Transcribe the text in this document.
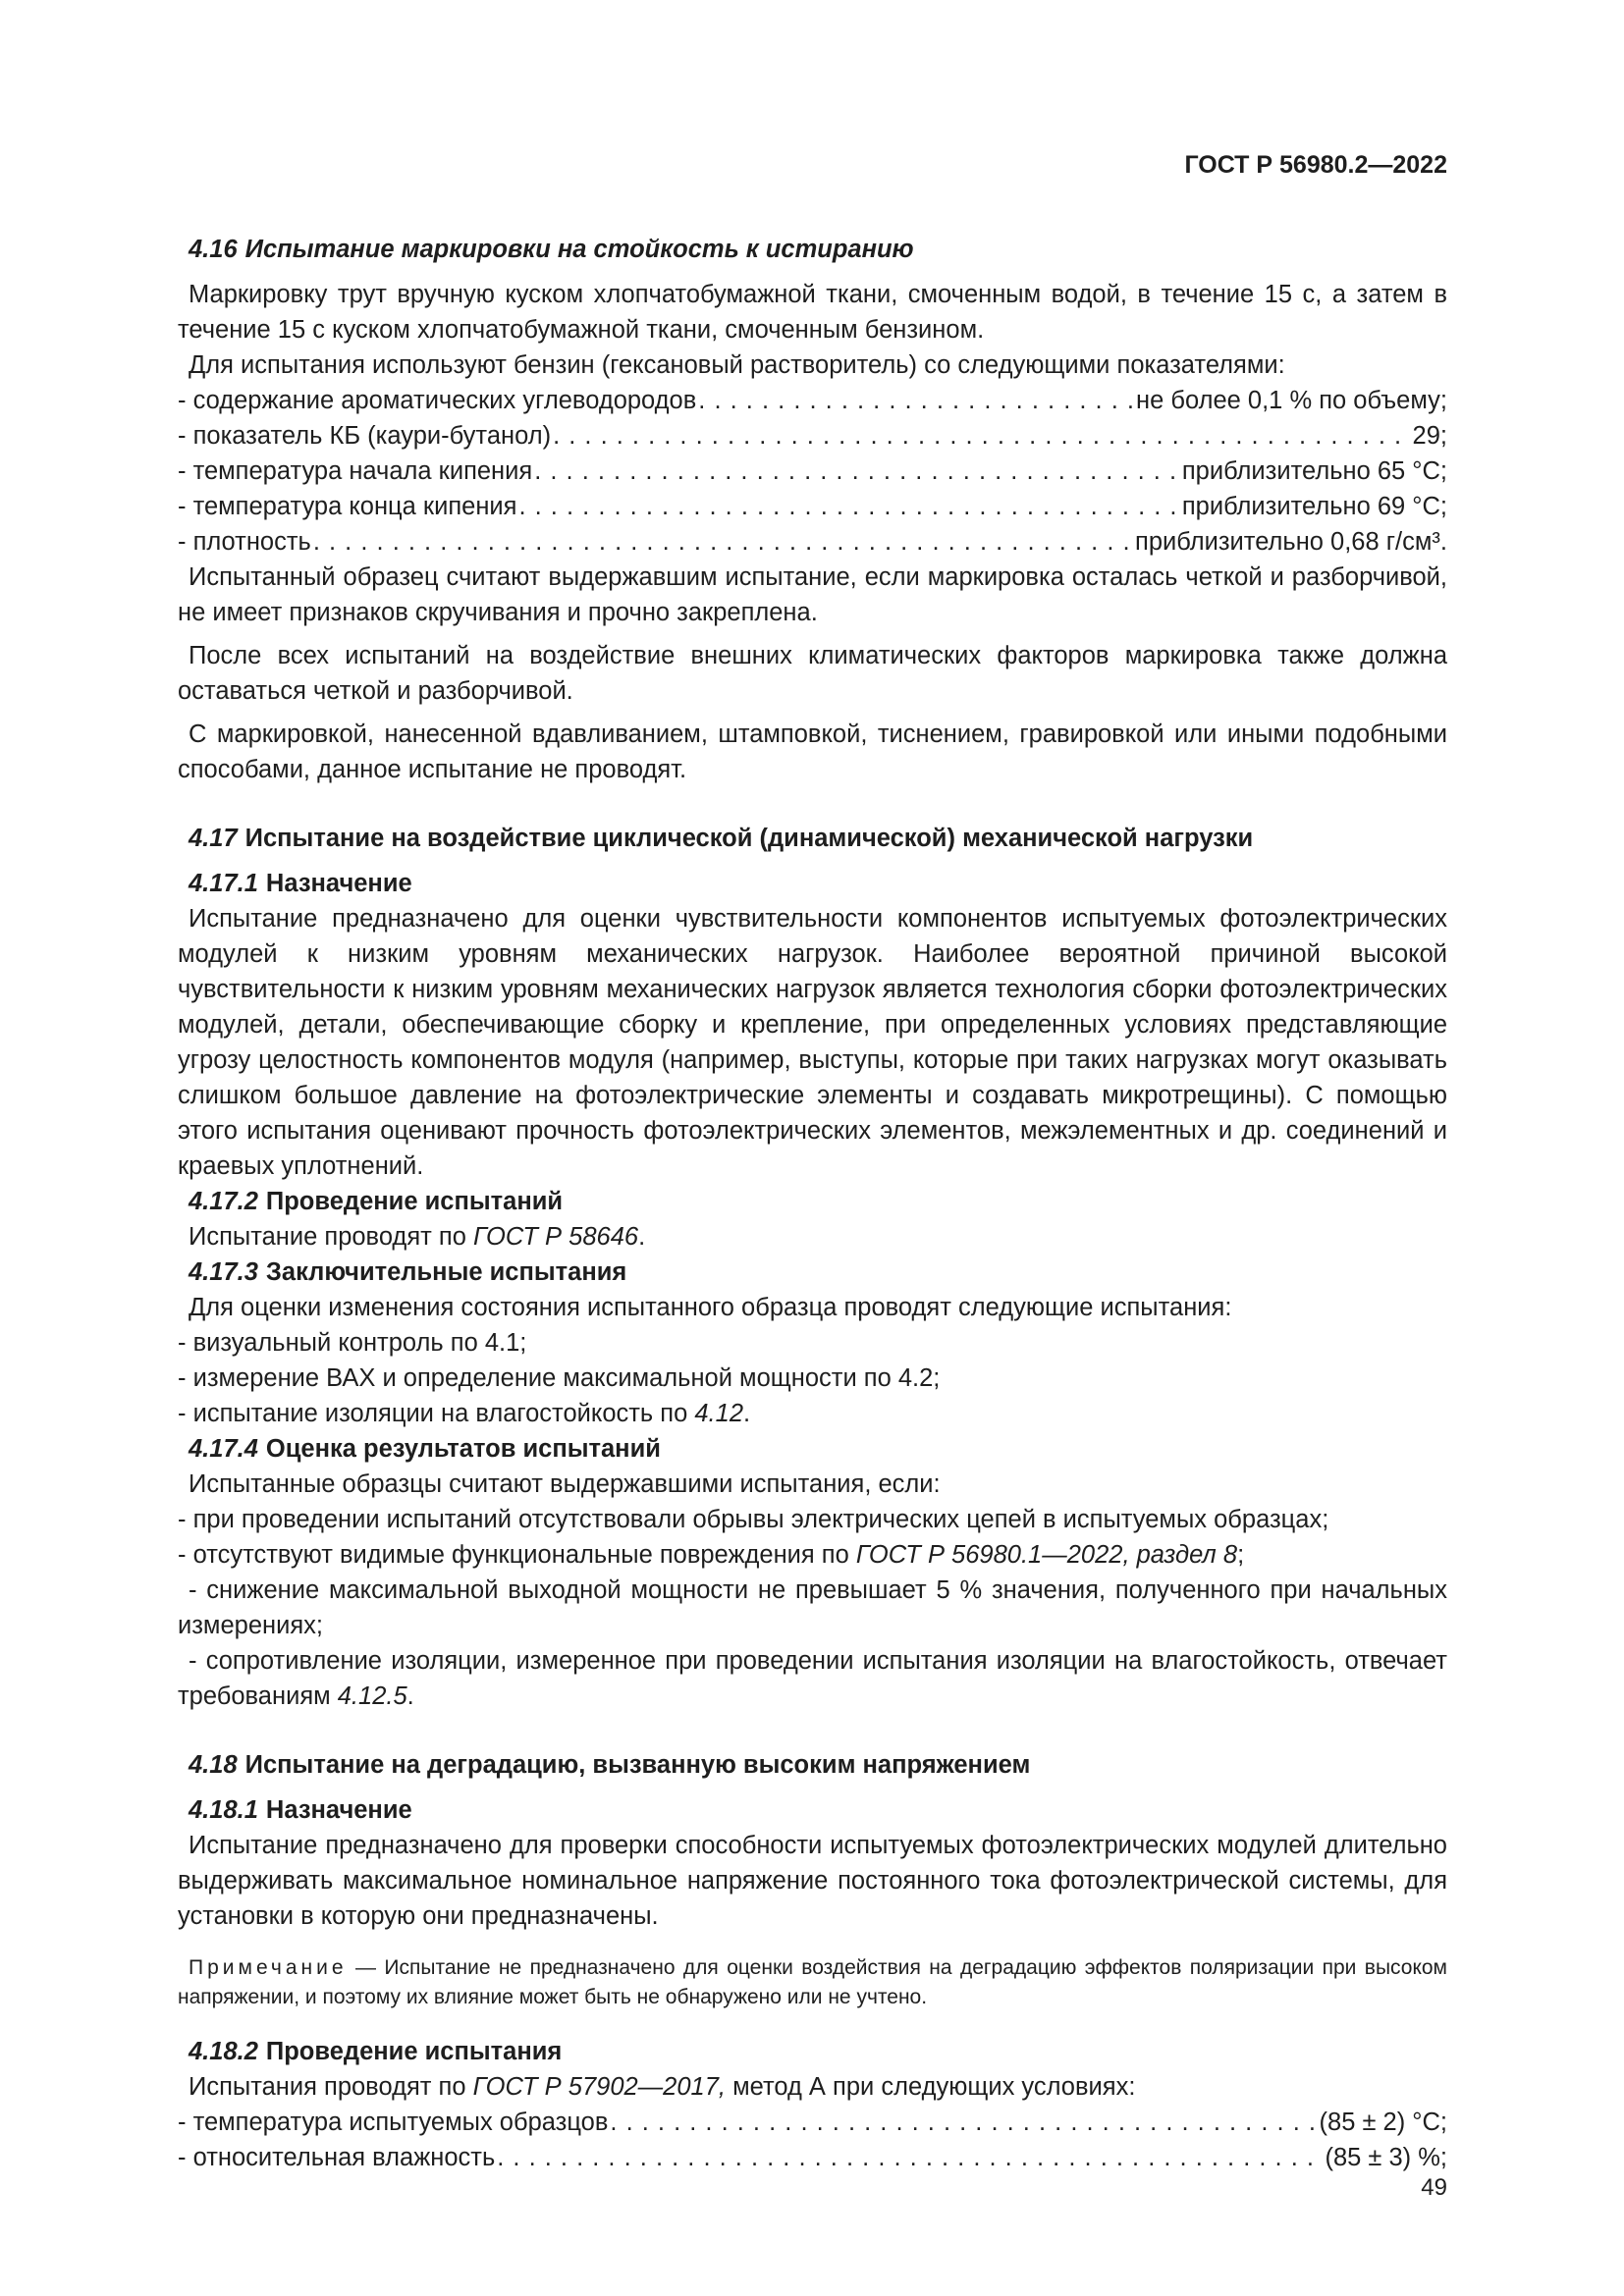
ГОСТ Р 56980.2—2022
4.16 Испытание маркировки на стойкость к истиранию

Маркировку трут вручную куском хлопчатобумажной ткани, смоченным водой, в течение 15 с, а затем в течение 15 с куском хлопчатобумажной ткани, смоченным бензином.

Для испытания используют бензин (гексановый растворитель) со следующими показателями:

- содержание ароматических углеводородов . . .	не более 0,1 % по объему;
- показатель КБ (каури-бутанол) . . .	29;
- температура начала кипения . . .	приблизительно 65 °С;
- температура конца кипения . . .	приблизительно 69 °С;
- плотность . . .	приблизительно 0,68 г/см³.

Испытанный образец считают выдержавшим испытание, если маркировка осталась четкой и разборчивой, не имеет признаков скручивания и прочно закреплена.

После всех испытаний на воздействие внешних климатических факторов маркировка также должна оставаться четкой и разборчивой.

С маркировкой, нанесенной вдавливанием, штамповкой, тиснением, гравировкой или иными подобными способами, данное испытание не проводят.

4.17 Испытание на воздействие циклической (динамической) механической нагрузки
4.17.1 Назначение

Испытание предназначено для оценки чувствительности компонентов испытуемых фотоэлектрических модулей к низким уровням механических нагрузок. Наиболее вероятной причиной высокой чувствительности к низким уровням механических нагрузок является технология сборки фотоэлектрических модулей, детали, обеспечивающие сборку и крепление, при определенных условиях представляющие угрозу целостность компонентов модуля (например, выступы, которые при таких нагрузках могут оказывать слишком большое давление на фотоэлектрические элементы и создавать микротрещины). С помощью этого испытания оценивают прочность фотоэлектрических элементов, межэлементных и др. соединений и краевых уплотнений.

4.17.2 Проведение испытаний

Испытание проводят по ГОСТ Р 58646.

4.17.3 Заключительные испытания

Для оценки изменения состояния испытанного образца проводят следующие испытания:

- визуальный контроль по 4.1;

- измерение ВАХ и определение максимальной мощности по 4.2;

- испытание изоляции на влагостойкость по 4.12.

4.17.4 Оценка результатов испытаний

Испытанные образцы считают выдержавшими испытания, если:

- при проведении испытаний отсутствовали обрывы электрических цепей в испытуемых образцах;

- отсутствуют видимые функциональные повреждения по ГОСТ Р 56980.1—2022, раздел 8;

- снижение максимальной выходной мощности не превышает 5 % значения, полученного при начальных измерениях;

- сопротивление изоляции, измеренное при проведении испытания изоляции на влагостойкость, отвечает требованиям 4.12.5.

4.18 Испытание на деградацию, вызванную высоким напряжением
4.18.1 Назначение

Испытание предназначено для проверки способности испытуемых фотоэлектрических модулей длительно выдерживать максимальное номинальное напряжение постоянного тока фотоэлектрической системы, для установки в которую они предназначены.

Примечание — Испытание не предназначено для оценки воздействия на деградацию эффектов поляризации при высоком напряжении, и поэтому их влияние может быть не обнаружено или не учтено.

4.18.2 Проведение испытания

Испытания проводят по ГОСТ Р 57902—2017, метод А при следующих условиях:

- температура испытуемых образцов . . .	(85 ± 2) °С;
- относительная влажность . . .	(85 ± 3) %;
49
